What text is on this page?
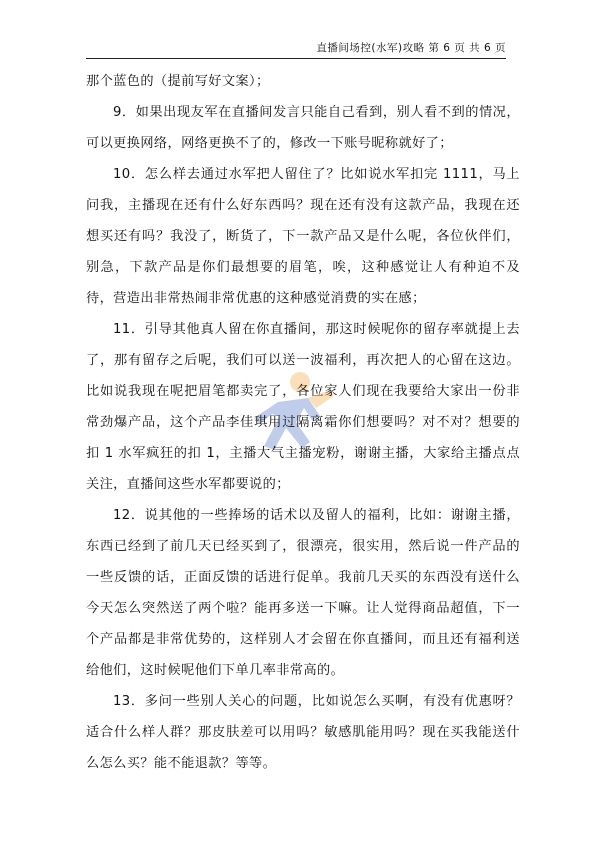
直播间场控(水军)攻略 第 6 页 共 6 页

那个蓝色的（提前写好文案）；

9．如果出现友军在直播间发言只能自己看到，别人看不到的情况，可以更换网络，网络更换不了的，修改一下账号昵称就好了；

10．怎么样去通过水军把人留住了？比如说水军扣完 1111，马上问我，主播现在还有什么好东西吗？现在还有没有这款产品，我现在还想买还有吗？我没了，断货了，下一款产品又是什么呢，各位伙伴们，别急，下款产品是你们最想要的眉笔，唉，这种感觉让人有种迫不及待，营造出非常热闹非常优惠的这种感觉消费的实在感；

11．引导其他真人留在你直播间，那这时候呢你的留存率就提上去了，那有留存之后呢，我们可以送一波福利，再次把人的心留在这边。比如说我现在呢把眉笔都卖完了，各位家人们现在我要给大家出一份非常劲爆产品，这个产品李佳琪用过隔离霜你们想要吗？对不对？想要的扣 1 水军疯狂的扣 1，主播大气主播宠粉，谢谢主播，大家给主播点点关注，直播间这些水军都要说的；

12．说其他的一些捧场的话术以及留人的福利，比如：谢谢主播，东西已经到了前几天已经买到了，很漂亮，很实用，然后说一件产品的一些反馈的话，正面反馈的话进行促单。我前几天买的东西没有送什么今天怎么突然送了两个啦？能再多送一下嘛。让人觉得商品超值，下一个产品都是非常优势的，这样别人才会留在你直播间，而且还有福利送给他们，这时候呢他们下单几率非常高的。

13．多问一些别人关心的问题，比如说怎么买啊，有没有优惠呀？适合什么样人群？那皮肤差可以用吗？敏感肌能用吗？现在买我能送什么怎么买？能不能退款？等等。
